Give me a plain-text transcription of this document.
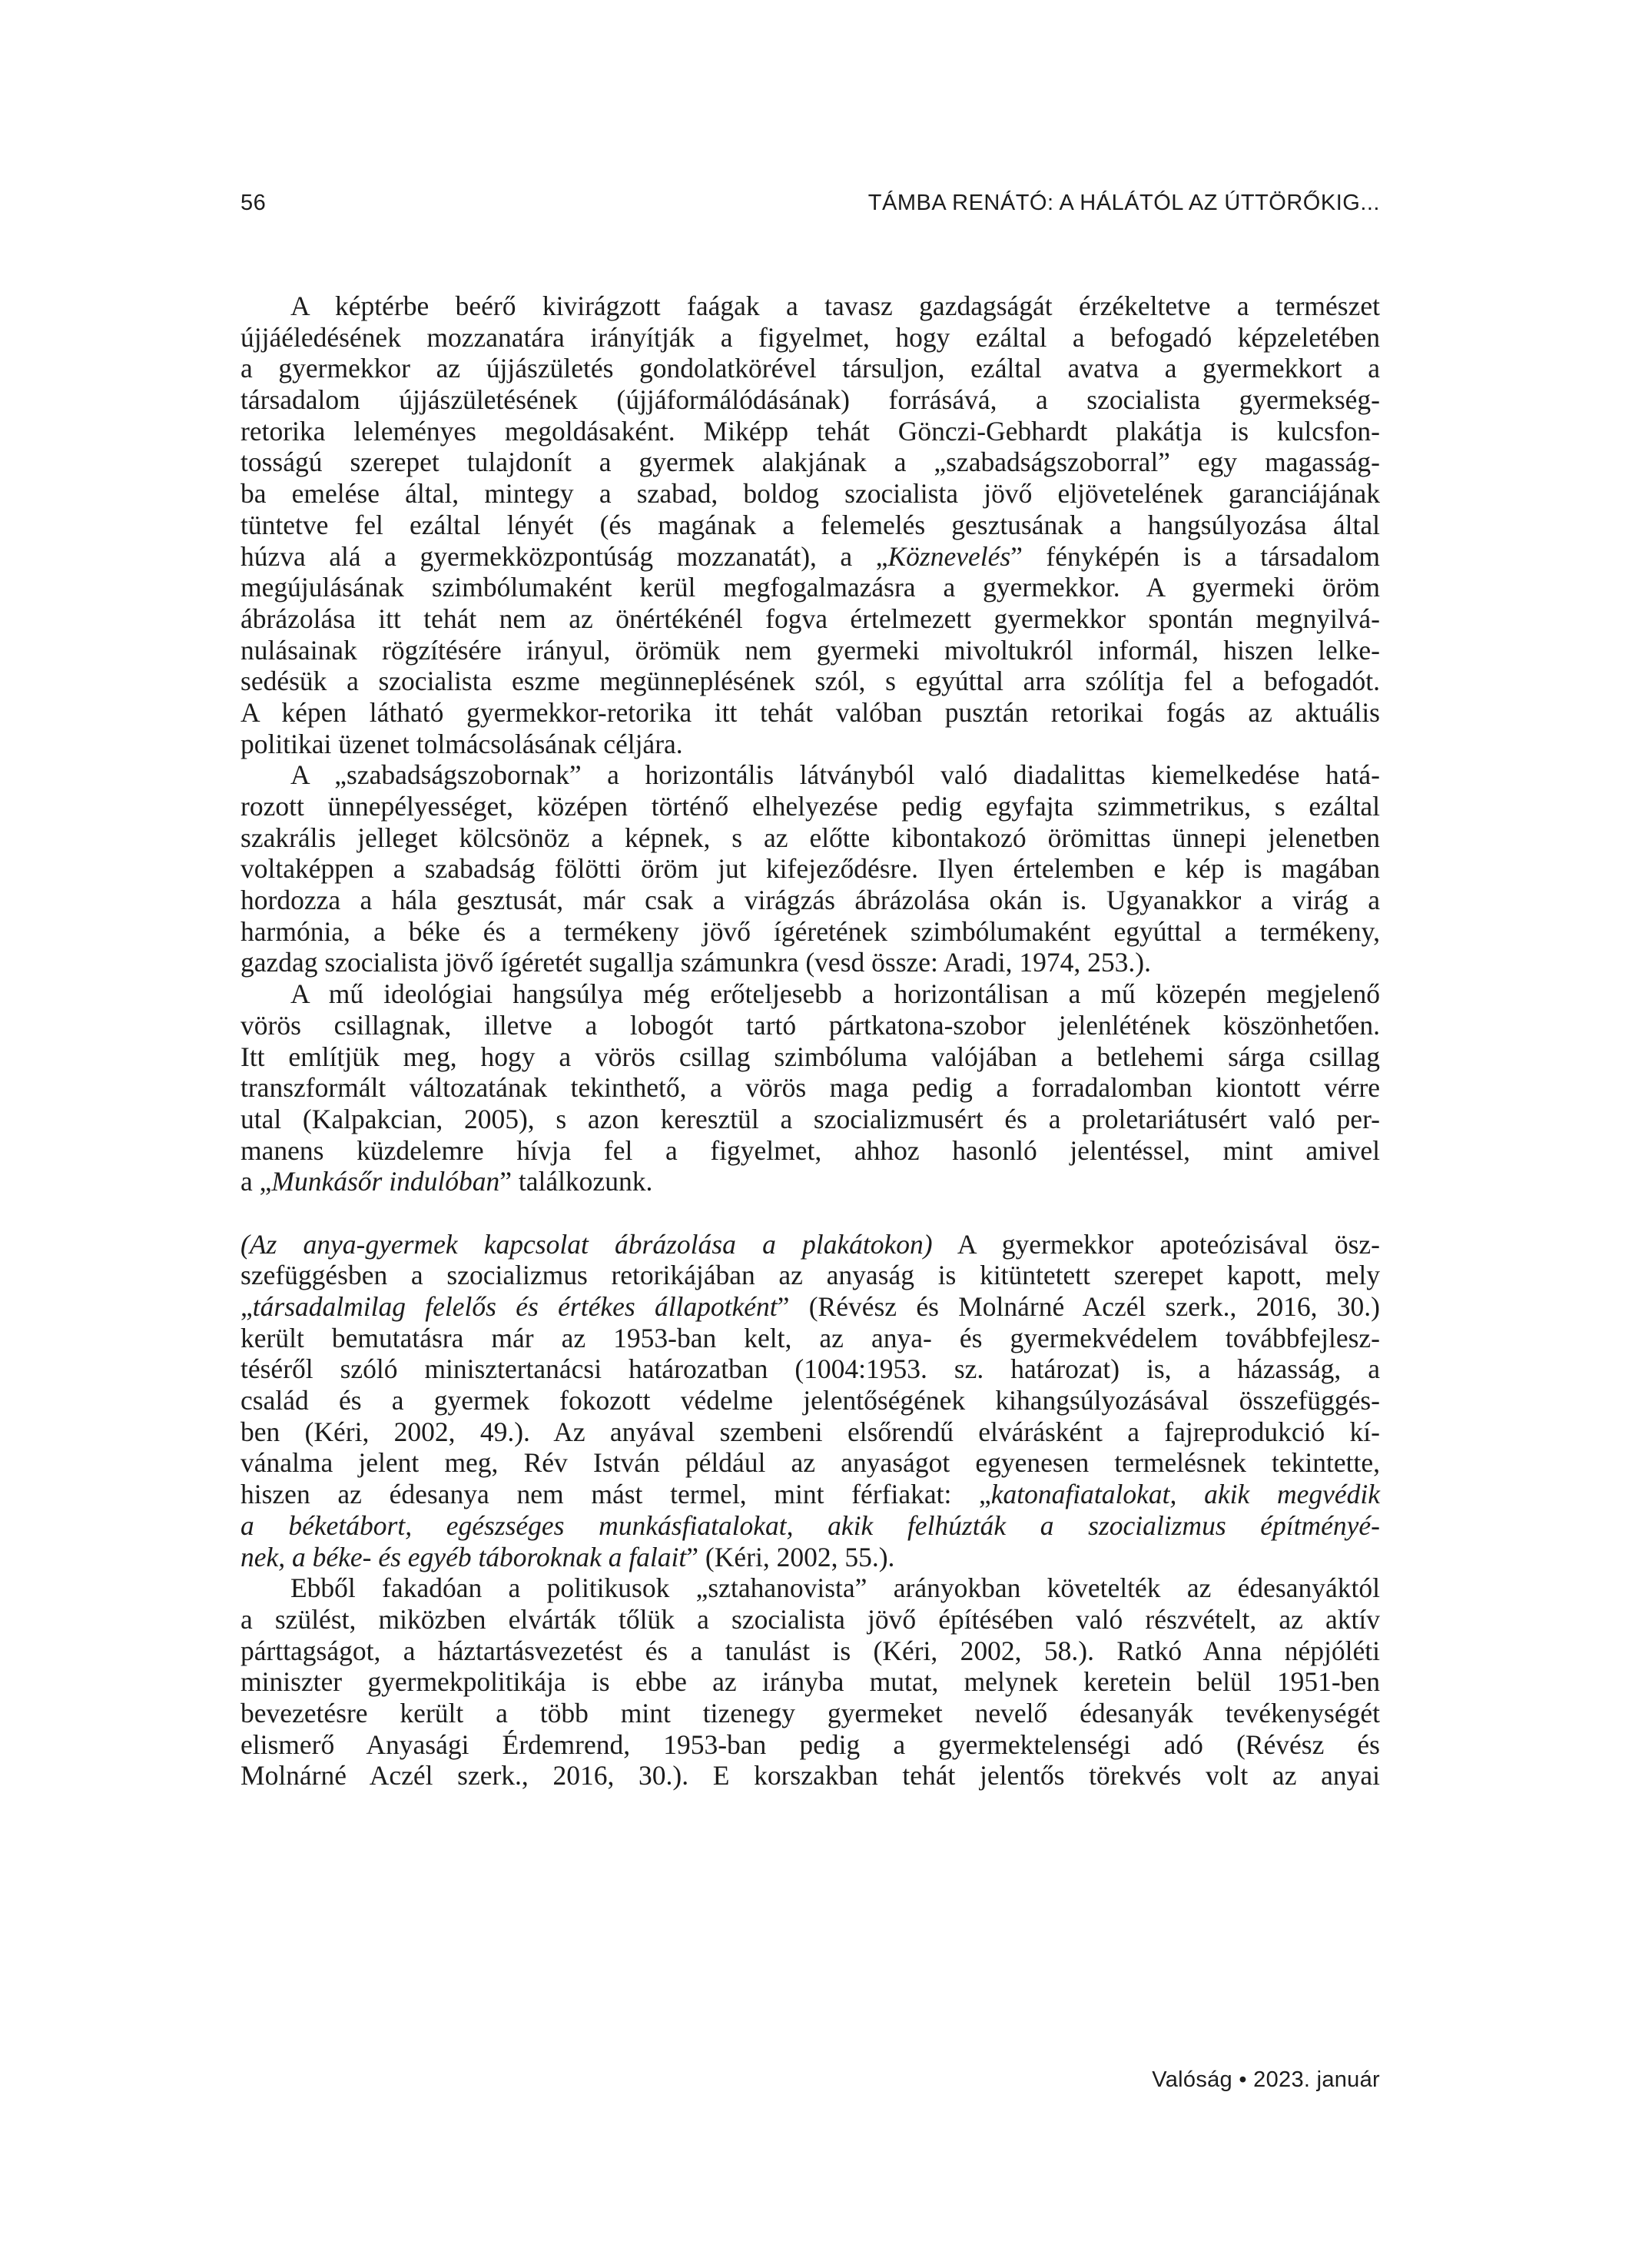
56	TÁMBA RENÁTÓ: A HÁLÁTÓL AZ ÚTTÖRŐKIG...
A képtérbe beérő kivirágzott faágak a tavasz gazdagságát érzékeltetve a természet
újjáéledésének mozzanatára irányítják a figyelmet, hogy ezáltal a befogadó képzeletében
a gyermekkor az újjászületés gondolatkörével társuljon, ezáltal avatva a gyermekkort a
társadalom újjászületésének (újjáformálódásának) forrásává, a szocialista gyermekség-
retorika leleményes megoldásaként. Miképp tehát Gönczi-Gebhardt plakátja is kulcsfon-
tosságú szerepet tulajdonít a gyermek alakjának a „szabadságszoborral” egy magasság-
ba emelése által, mintegy a szabad, boldog szocialista jövő eljövetelének garanciájának
tüntetve fel ezáltal lényét (és magának a felemelés gesztusának a hangsúlyozása által
húzva alá a gyermekközpontúság mozzanatát), a „Köznevelés” fényképén is a társadalom
megújulásának szimbólumaként kerül megfogalmazásra a gyermekkor. A gyermeki öröm
ábrázolása itt tehát nem az önértékénél fogva értelmezett gyermekkor spontán megnyilvá-
nulásainak rögzítésére irányul, örömük nem gyermeki mivoltukról informál, hiszen lelke-
sedésük a szocialista eszme megünneplésének szól, s egyúttal arra szólítja fel a befogadót.
A képen látható gyermekkor-retorika itt tehát valóban pusztán retorikai fogás az aktuális
politikai üzenet tolmácsolásának céljára.
A „szabadságszobornak” a horizontális látványból való diadalittas kiemelkedése hatá-
rozott ünnepélyességet, középen történő elhelyezése pedig egyfajta szimmetrikus, s ezáltal
szakrális jelleget kölcsönöz a képnek, s az előtte kibontakozó örömittas ünnepi jelenetben
voltaképpen a szabadság fölötti öröm jut kifejeződésre. Ilyen értelemben e kép is magában
hordozza a hála gesztusát, már csak a virágzás ábrázolása okán is. Ugyanakkor a virág a
harmónia, a béke és a termékeny jövő ígéretének szimbólumaként egyúttal a termékeny,
gazdag szocialista jövő ígéretét sugallja számunkra (vesd össze: Aradi, 1974, 253.).
A mű ideológiai hangsúlya még erőteljesebb a horizontálisan a mű közepén megjelenő
vörös csillagnak, illetve a lobogót tartó pártkatona-szobor jelenlétének köszönhetően.
Itt említjük meg, hogy a vörös csillag szimbóluma valójában a betlehemi sárga csillag
transzformált változatának tekinthető, a vörös maga pedig a forradalomban kiontott vérre
utal (Kalpakcian, 2005), s azon keresztül a szocializmusért és a proletariátusért való per-
manens küzdelemre hívja fel a figyelmet, ahhoz hasonló jelentéssel, mint amivel
a „Munkásőr indulóban” találkozunk.
(Az anya-gyermek kapcsolat ábrázolása a plakátokon) A gyermekkor apoteózisával ösz-
szefüggésben a szocializmus retorikájában az anyaság is kitüntetett szerepet kapott, mely
„társadalmilag felelős és értékes állapotként” (Révész és Molnárné Aczél szerk., 2016, 30.)
került bemutatásra már az 1953-ban kelt, az anya- és gyermekvédelem továbbfejlesz-
téséről szóló minisztertanácsi határozatban (1004:1953. sz. határozat) is, a házasság, a
család és a gyermek fokozott védelme jelentőségének kihangsúlyozásával összefüggés-
ben (Kéri, 2002, 49.). Az anyával szembeni elsőrendű elvárásként a fajreprodukció kí-
vánalma jelent meg, Rév István például az anyaságot egyenesen termelésnek tekintette,
hiszen az édesanya nem mást termel, mint férfiakat: „katonafiatalokat, akik megvédik
a béketábort, egészséges munkásfiatalokat, akik felhúzták a szocializmus építményé-
nek, a béke- és egyéb táboroknak a falait” (Kéri, 2002, 55.).
Ebből fakadóan a politikusok „sztahanovista” arányokban követelték az édesanyáktól
a szülést, miközben elvárták tőlük a szocialista jövő építésében való részvételt, az aktív
párttagságot, a háztartásvezetést és a tanulást is (Kéri, 2002, 58.). Ratkó Anna népjóléti
miniszter gyermekpolitikája is ebbe az irányba mutat, melynek keretein belül 1951-ben
bevezetésre került a több mint tizenegy gyermeket nevelő édesanyák tevékenységét
elismerő Anyasági Érdemrend, 1953-ban pedig a gyermektelenségi adó (Révész és
Molnárné Aczél szerk., 2016, 30.). E korszakban tehát jelentős törekvés volt az anyai
Valóság • 2023. január
